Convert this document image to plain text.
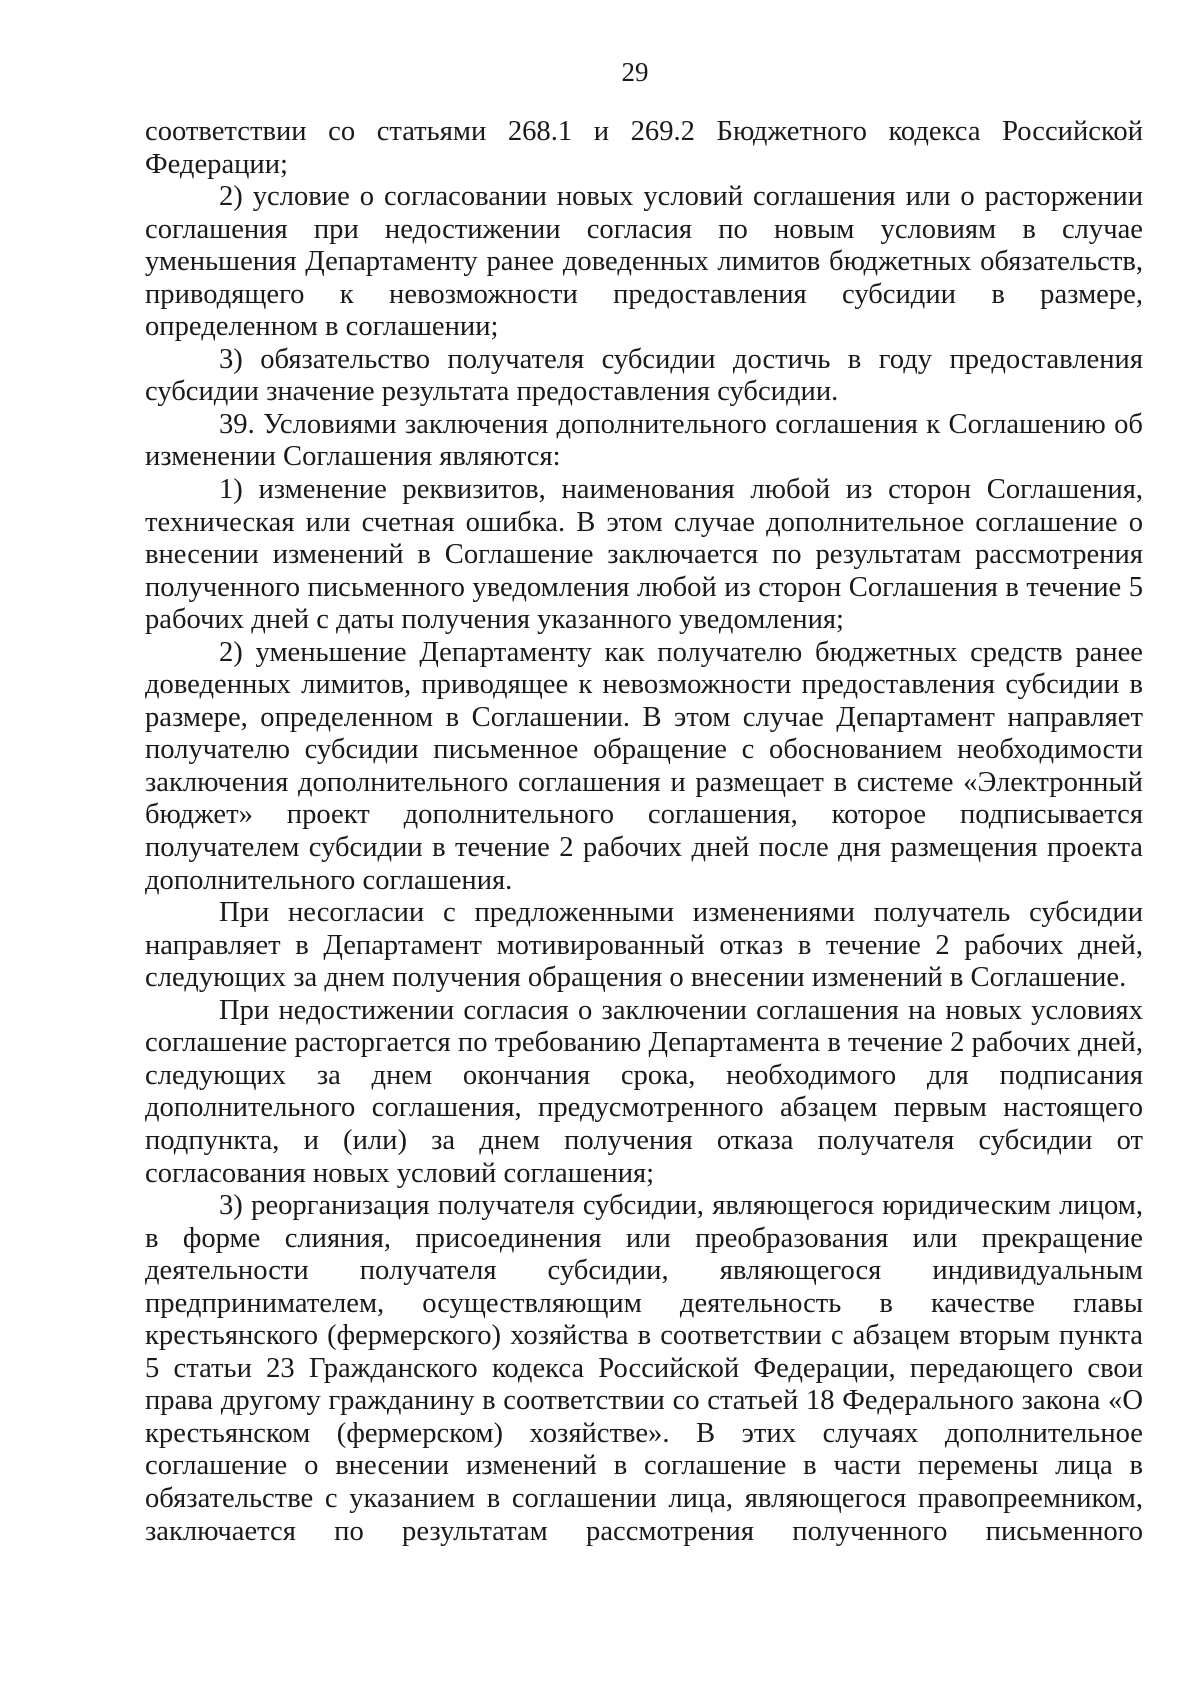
29

соответствии со статьями 268.1 и 269.2 Бюджетного кодекса Российской Федерации;

2) условие о согласовании новых условий соглашения или о расторжении соглашения при недостижении согласия по новым условиям в случае уменьшения Департаменту ранее доведенных лимитов бюджетных обязательств, приводящего к невозможности предоставления субсидии в размере, определенном в соглашении;

3) обязательство получателя субсидии достичь в году предоставления субсидии значение результата предоставления субсидии.

39. Условиями заключения дополнительного соглашения к Соглашению об изменении Соглашения являются:

1) изменение реквизитов, наименования любой из сторон Соглашения, техническая или счетная ошибка. В этом случае дополнительное соглашение о внесении изменений в Соглашение заключается по результатам рассмотрения полученного письменного уведомления любой из сторон Соглашения в течение 5 рабочих дней с даты получения указанного уведомления;

2) уменьшение Департаменту как получателю бюджетных средств ранее доведенных лимитов, приводящее к невозможности предоставления субсидии в размере, определенном в Соглашении. В этом случае Департамент направляет получателю субсидии письменное обращение с обоснованием необходимости заключения дополнительного соглашения и размещает в системе «Электронный бюджет» проект дополнительного соглашения, которое подписывается получателем субсидии в течение 2 рабочих дней после дня размещения проекта дополнительного соглашения.

При несогласии с предложенными изменениями получатель субсидии направляет в Департамент мотивированный отказ в течение 2 рабочих дней, следующих за днем получения обращения о внесении изменений в Соглашение.

При недостижении согласия о заключении соглашения на новых условиях соглашение расторгается по требованию Департамента в течение 2 рабочих дней, следующих за днем окончания срока, необходимого для подписания дополнительного соглашения, предусмотренного абзацем первым настоящего подпункта, и (или) за днем получения отказа получателя субсидии от согласования новых условий соглашения;

3) реорганизация получателя субсидии, являющегося юридическим лицом, в форме слияния, присоединения или преобразования или прекращение деятельности получателя субсидии, являющегося индивидуальным предпринимателем, осуществляющим деятельность в качестве главы крестьянского (фермерского) хозяйства в соответствии с абзацем вторым пункта 5 статьи 23 Гражданского кодекса Российской Федерации, передающего свои права другому гражданину в соответствии со статьей 18 Федерального закона «О крестьянском (фермерском) хозяйстве». В этих случаях дополнительное соглашение о внесении изменений в соглашение в части перемены лица в обязательстве с указанием в соглашении лица, являющегося правопреемником, заключается по результатам рассмотрения полученного письменного
